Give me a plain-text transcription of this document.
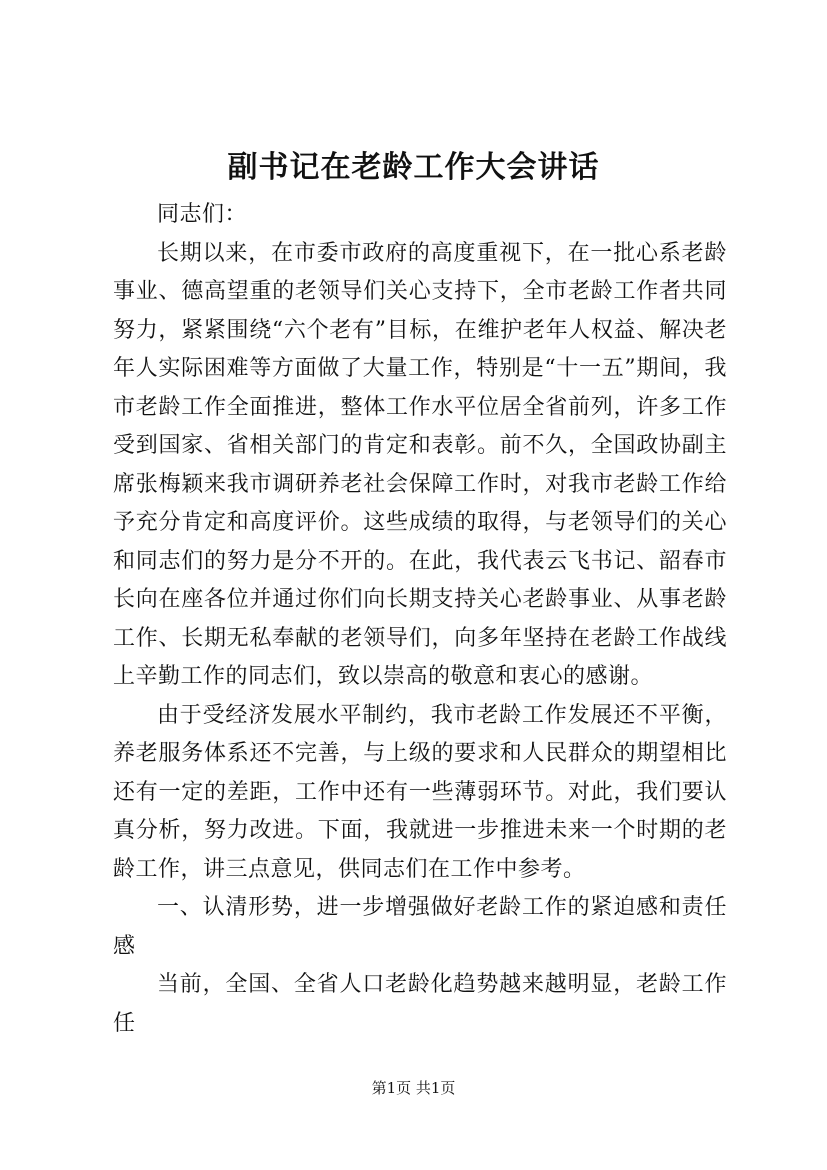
副书记在老龄工作大会讲话

同志们：

长期以来，在市委市政府的高度重视下，在一批心系老龄事业、德高望重的老领导们关心支持下，全市老龄工作者共同努力，紧紧围绕“六个老有”目标，在维护老年人权益、解决老年人实际困难等方面做了大量工作，特别是“十一五”期间，我市老龄工作全面推进，整体工作水平位居全省前列，许多工作受到国家、省相关部门的肯定和表彰。前不久，全国政协副主席张梅颖来我市调研养老社会保障工作时，对我市老龄工作给予充分肯定和高度评价。这些成绩的取得，与老领导们的关心和同志们的努力是分不开的。在此，我代表云飞书记、韶春市长向在座各位并通过你们向长期支持关心老龄事业、从事老龄工作、长期无私奉献的老领导们，向多年坚持在老龄工作战线上辛勤工作的同志们，致以崇高的敬意和衷心的感谢。

由于受经济发展水平制约，我市老龄工作发展还不平衡，养老服务体系还不完善，与上级的要求和人民群众的期望相比还有一定的差距，工作中还有一些薄弱环节。对此，我们要认真分析，努力改进。下面，我就进一步推进未来一个时期的老龄工作，讲三点意见，供同志们在工作中参考。

一、认清形势，进一步增强做好老龄工作的紧迫感和责任感

当前，全国、全省人口老龄化趋势越来越明显，老龄工作任

第1页 共1页
